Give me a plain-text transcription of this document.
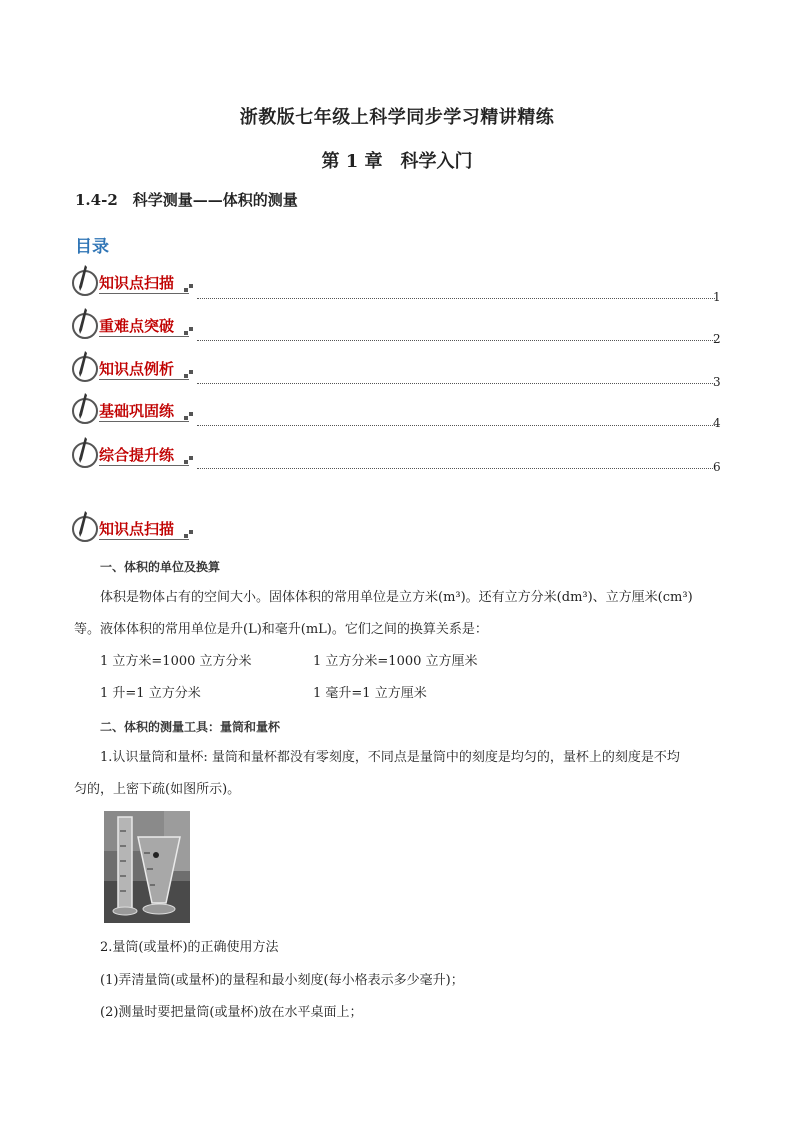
浙教版七年级上科学同步学习精讲精练
第 1 章　科学入门
1.4-2　科学测量——体积的测量
目录
知识点扫描
1
重难点突破
2
知识点例析
3
基础巩固练
4
综合提升练
6
知识点扫描
一、体积的单位及换算
体积是物体占有的空间大小。固体体积的常用单位是立方米(m³)。还有立方分米(dm³)、立方厘米(cm³)
等。液体体积的常用单位是升(L)和毫升(mL)。它们之间的换算关系是：
1 立方米=1000 立方分米	1 立方分米=1000 立方厘米
1 升=1 立方分米	1 毫升=1 立方厘米
二、体积的测量工具：量筒和量杯
1.认识量筒和量杯: 量筒和量杯都没有零刻度，不同点是量筒中的刻度是均匀的，量杯上的刻度是不均
匀的，上密下疏(如图所示)。
2.量筒(或量杯)的正确使用方法
(1)弄清量筒(或量杯)的量程和最小刻度(每小格表示多少毫升)；
(2)测量时要把量筒(或量杯)放在水平桌面上；
